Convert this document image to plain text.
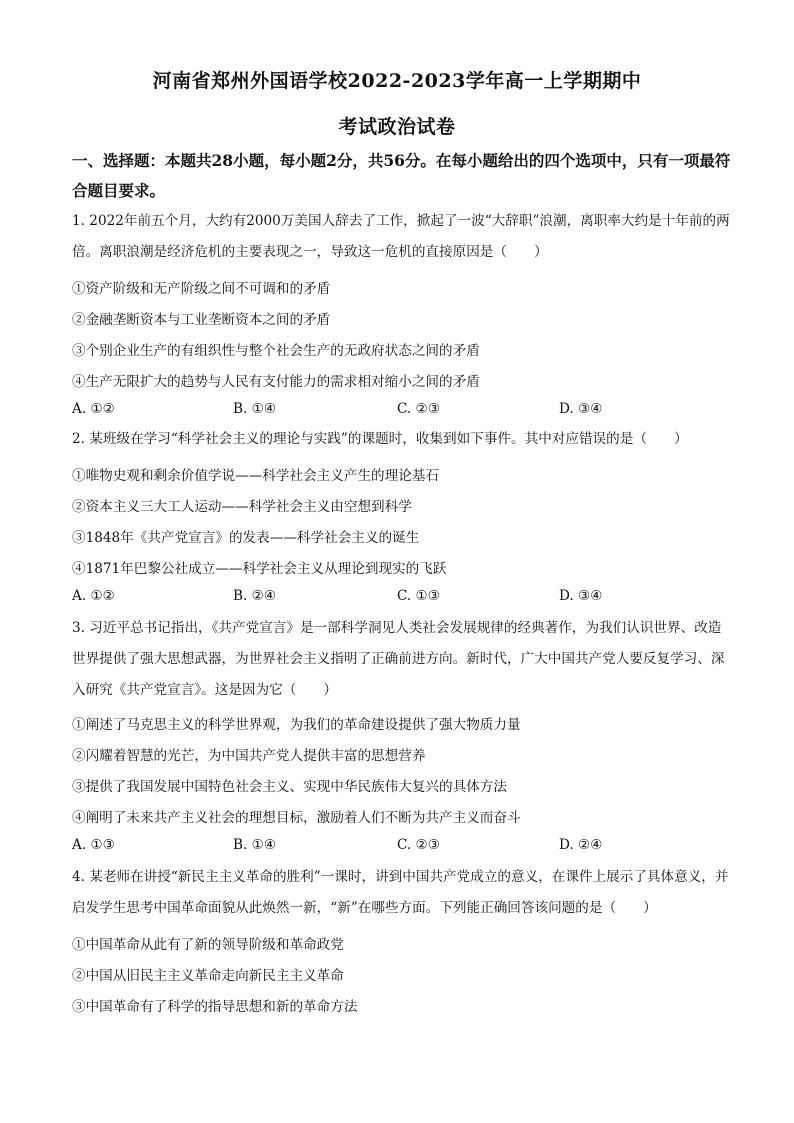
河南省郑州外国语学校2022-2023学年高一上学期期中
考试政治试卷
一、选择题：本题共28小题，每小题2分，共56分。在每小题给出的四个选项中，只有一项最符合题目要求。
1. 2022年前五个月，大约有2000万美国人辞去了工作，掀起了一波“大辞职”浪潮，离职率大约是十年前的两倍。离职浪潮是经济危机的主要表现之一，导致这一危机的直接原因是（　　）
①资产阶级和无产阶级之间不可调和的矛盾
②金融垄断资本与工业垄断资本之间的矛盾
③个别企业生产的有组织性与整个社会生产的无政府状态之间的矛盾
④生产无限扩大的趋势与人民有支付能力的需求相对缩小之间的矛盾
A. ①②	B. ①④	C. ②③	D. ③④
2. 某班级在学习“科学社会主义的理论与实践”的课题时，收集到如下事件。其中对应错误的是（　　）
①唯物史观和剩余价值学说——科学社会主义产生的理论基石
②资本主义三大工人运动——科学社会主义由空想到科学
③1848年《共产党宣言》的发表——科学社会主义的诞生
④1871年巴黎公社成立——科学社会主义从理论到现实的飞跃
A. ①②	B. ②④	C. ①③	D. ③④
3. 习近平总书记指出，《共产党宣言》是一部科学洞见人类社会发展规律的经典著作，为我们认识世界、改造世界提供了强大思想武器，为世界社会主义指明了正确前进方向。新时代，广大中国共产党人要反复学习、深入研究《共产党宣言》。这是因为它（　　）
①阐述了马克思主义的科学世界观，为我们的革命建设提供了强大物质力量
②闪耀着智慧的光芒，为中国共产党人提供丰富的思想营养
③提供了我国发展中国特色社会主义、实现中华民族伟大复兴的具体方法
④阐明了未来共产主义社会的理想目标，激励着人们不断为共产主义而奋斗
A. ①③	B. ①④	C. ②③	D. ②④
4. 某老师在讲授“新民主主义革命的胜利”一课时，讲到中国共产党成立的意义，在课件上展示了具体意义，并启发学生思考中国革命面貌从此焕然一新，“新”在哪些方面。下列能正确回答该问题的是（　　）
①中国革命从此有了新的领导阶级和革命政党
②中国从旧民主主义革命走向新民主主义革命
③中国革命有了科学的指导思想和新的革命方法
